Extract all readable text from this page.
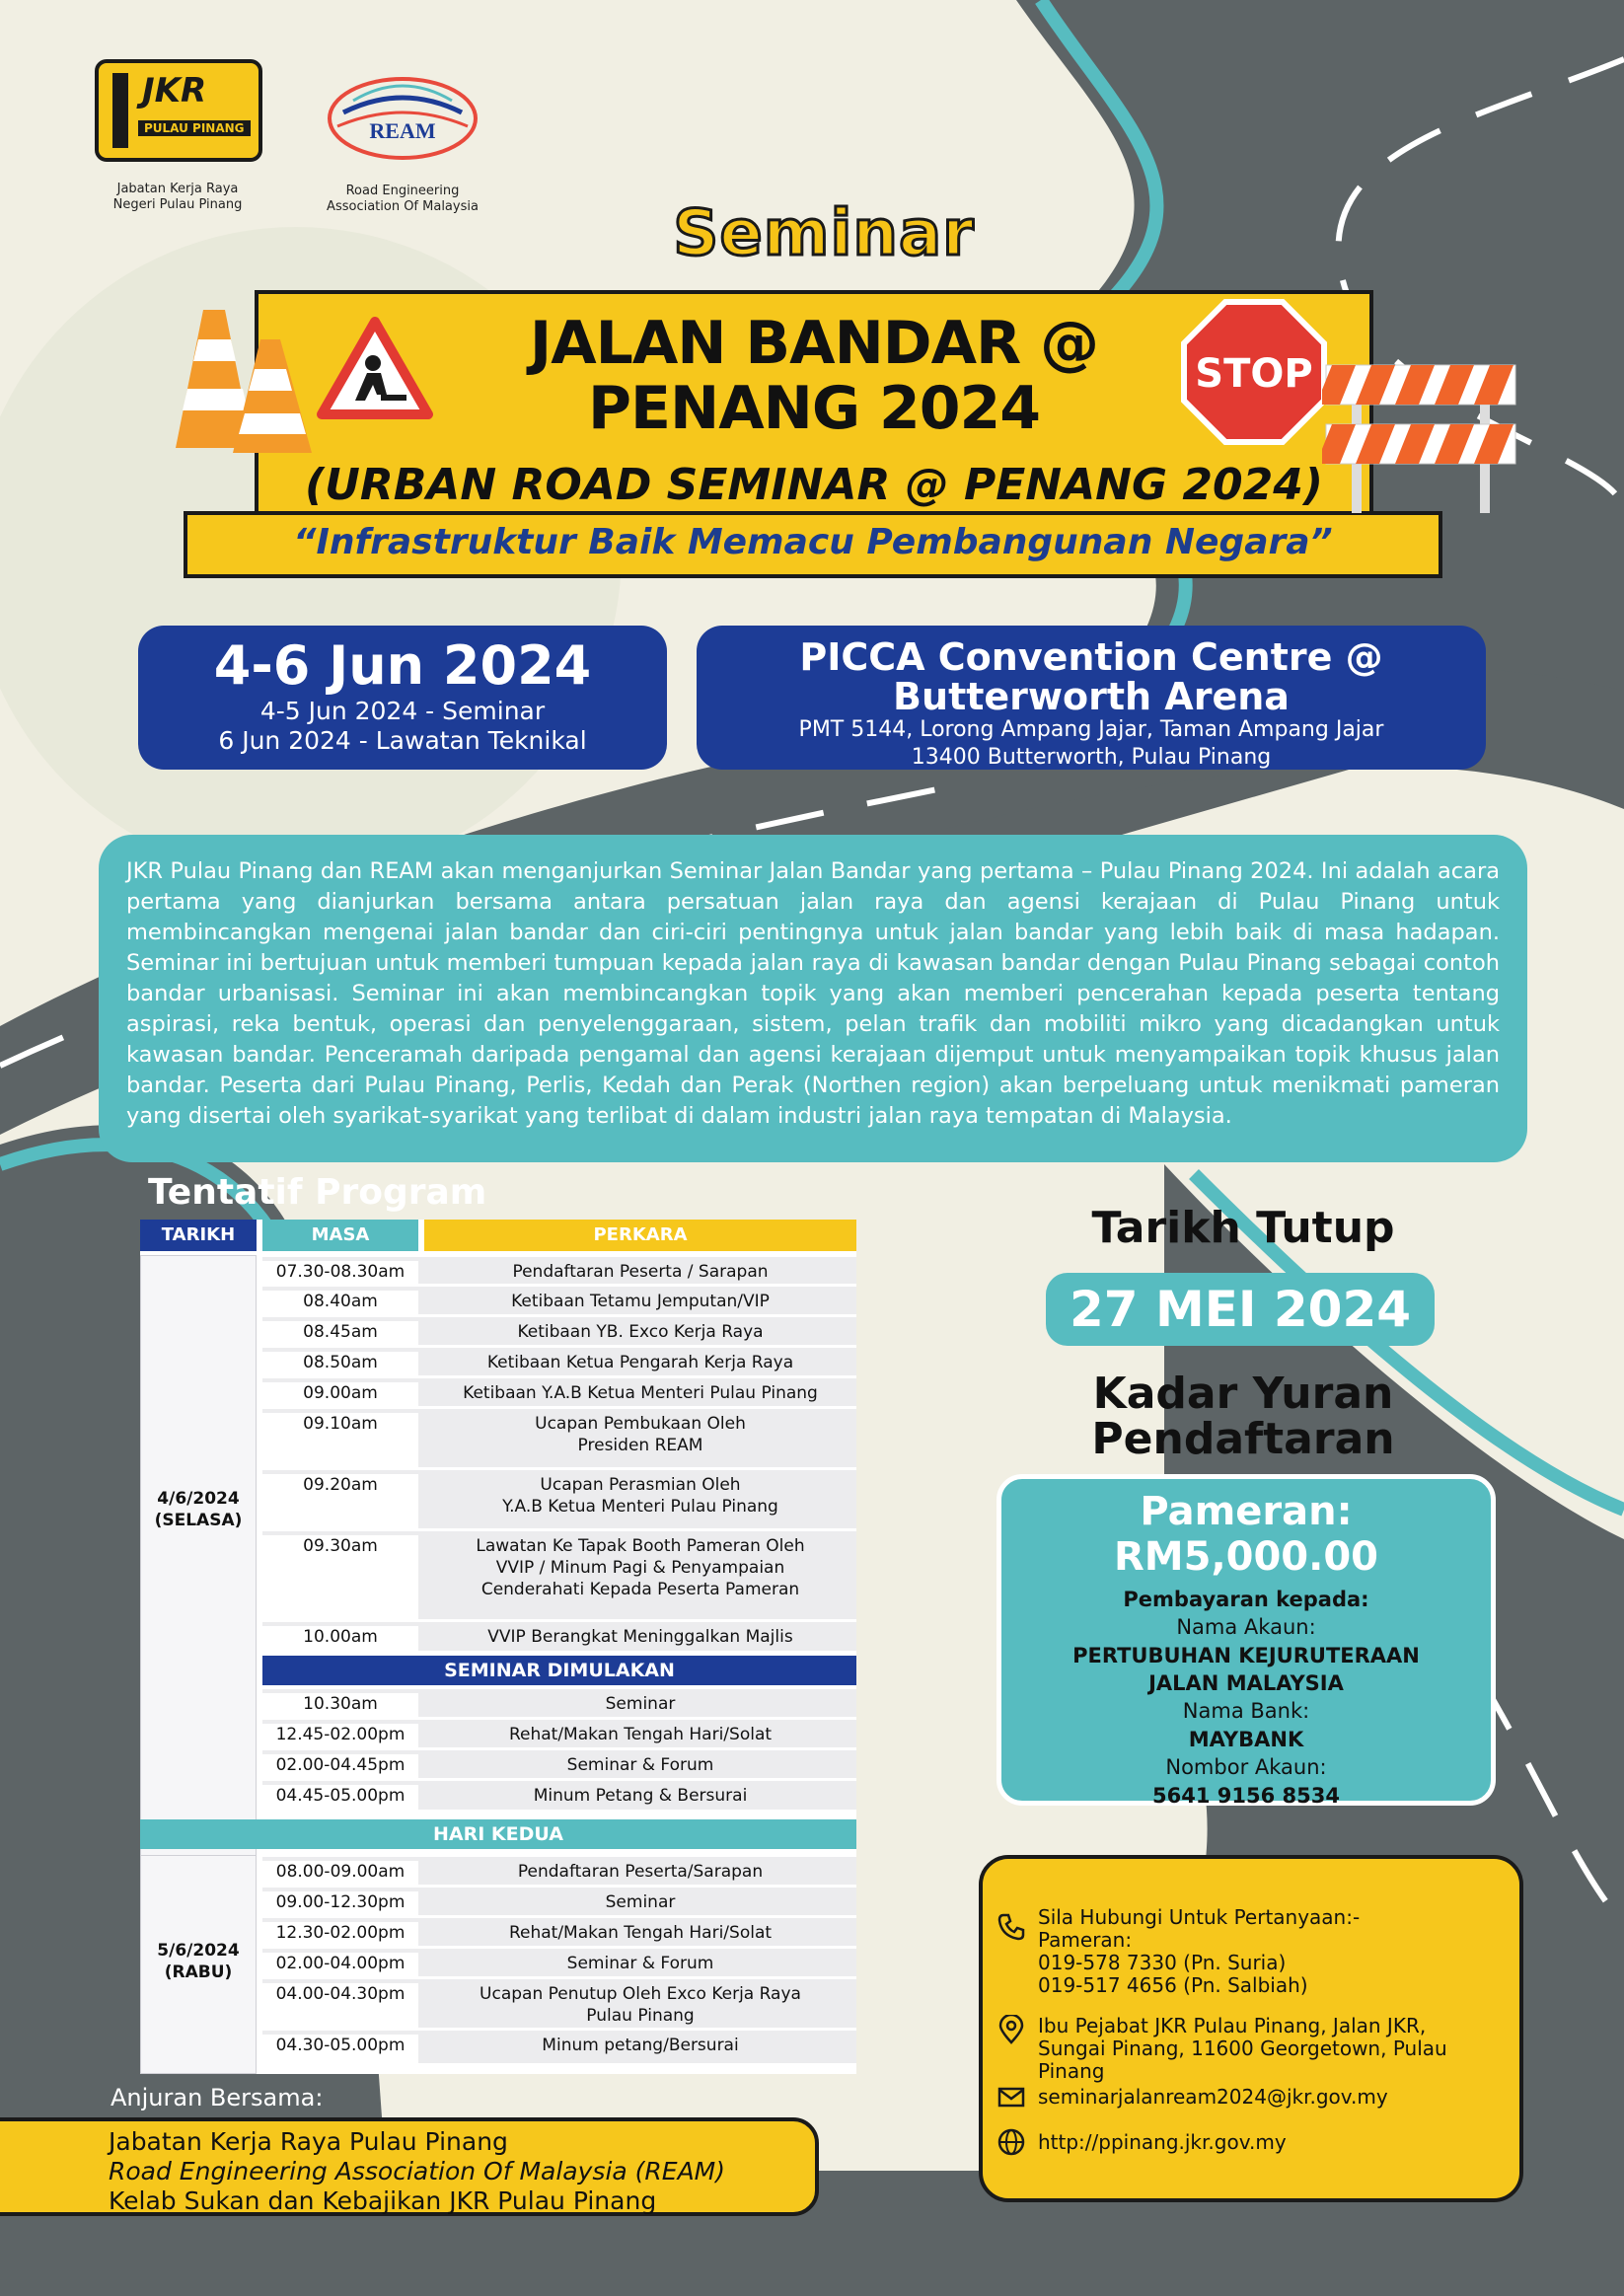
JKR
PULAU PINANG
Jabatan Kerja Raya
Negeri Pulau Pinang
REAM
Road Engineering
Association Of Malaysia	Seminar
JALAN BANDAR @
PENANG 2024
(URBAN ROAD SEMINAR @ PENANG 2024)
“Infrastruktur Baik Memacu Pembangunan Negara”
STOP
4-6 Jun 2024
4-5 Jun 2024 - Seminar
6 Jun 2024 - Lawatan Teknikal
PICCA Convention Centre @
Butterworth Arena
PMT 5144, Lorong Ampang Jajar, Taman Ampang Jajar
13400 Butterworth, Pulau Pinang
JKR Pulau Pinang dan REAM akan menganjurkan Seminar Jalan Bandar yang pertama – Pulau Pinang 2024. Ini adalah acara pertama yang dianjurkan bersama antara persatuan jalan raya dan agensi kerajaan di Pulau Pinang untuk membincangkan mengenai jalan bandar dan ciri-ciri pentingnya untuk jalan bandar yang lebih baik di masa hadapan. Seminar ini bertujuan untuk memberi tumpuan kepada jalan raya di kawasan bandar dengan Pulau Pinang sebagai contoh bandar urbanisasi. Seminar ini akan membincangkan topik yang akan memberi pencerahan kepada peserta tentang aspirasi, reka bentuk, operasi dan penyelenggaraan, sistem, pelan trafik dan mobiliti mikro yang dicadangkan untuk kawasan bandar. Penceramah daripada pengamal dan agensi kerajaan dijemput untuk menyampaikan topik khusus jalan bandar. Peserta dari Pulau Pinang, Perlis, Kedah dan Perak (Northen region) akan berpeluang untuk menikmati pameran yang disertai oleh syarikat-syarikat yang terlibat di dalam industri jalan raya tempatan di Malaysia.
Tentatif Program
TARIKH	MASA	PERKARA
4/6/2024
(SELASA)
07.30-08.30am	Pendaftaran Peserta / Sarapan
08.40am	Ketibaan Tetamu Jemputan/VIP
08.45am	Ketibaan YB. Exco Kerja Raya
08.50am	Ketibaan Ketua Pengarah Kerja Raya
09.00am	Ketibaan Y.A.B Ketua Menteri Pulau Pinang
09.10am	Ucapan Pembukaan Oleh
Presiden REAM
09.20am	Ucapan Perasmian Oleh
Y.A.B Ketua Menteri Pulau Pinang
09.30am	Lawatan Ke Tapak Booth Pameran Oleh
VVIP / Minum Pagi & Penyampaian
Cenderahati Kepada Peserta Pameran
10.00am	VVIP Berangkat Meninggalkan Majlis
SEMINAR DIMULAKAN
10.30am	Seminar
12.45-02.00pm	Rehat/Makan Tengah Hari/Solat
02.00-04.45pm	Seminar & Forum
04.45-05.00pm	Minum Petang & Bersurai
HARI KEDUA
5/6/2024
(RABU)
08.00-09.00am	Pendaftaran Peserta/Sarapan
09.00-12.30pm	Seminar
12.30-02.00pm	Rehat/Makan Tengah Hari/Solat
02.00-04.00pm	Seminar & Forum
04.00-04.30pm	Ucapan Penutup Oleh Exco Kerja Raya
Pulau Pinang
04.30-05.00pm	Minum petang/Bersurai
Tarikh Tutup
27 MEI 2024
Kadar Yuran
Pendaftaran
Pameran: RM5,000.00
Pembayaran kepada:
Nama Akaun:
PERTUBUHAN KEJURUTERAAN
JALAN MALAYSIA
Nama Bank:
MAYBANK
Nombor Akaun:
5641 9156 8534
Sila Hubungi Untuk Pertanyaan:-
Pameran:
019-578 7330 (Pn. Suria)
019-517 4656 (Pn. Salbiah)
Ibu Pejabat JKR Pulau Pinang, Jalan JKR,
Sungai Pinang, 11600 Georgetown, Pulau Pinang
seminarjalanream2024@jkr.gov.my
http://ppinang.jkr.gov.my
Anjuran Bersama:
Jabatan Kerja Raya Pulau Pinang
Road Engineering Association Of Malaysia (REAM)
Kelab Sukan dan Kebajikan JKR Pulau Pinang
